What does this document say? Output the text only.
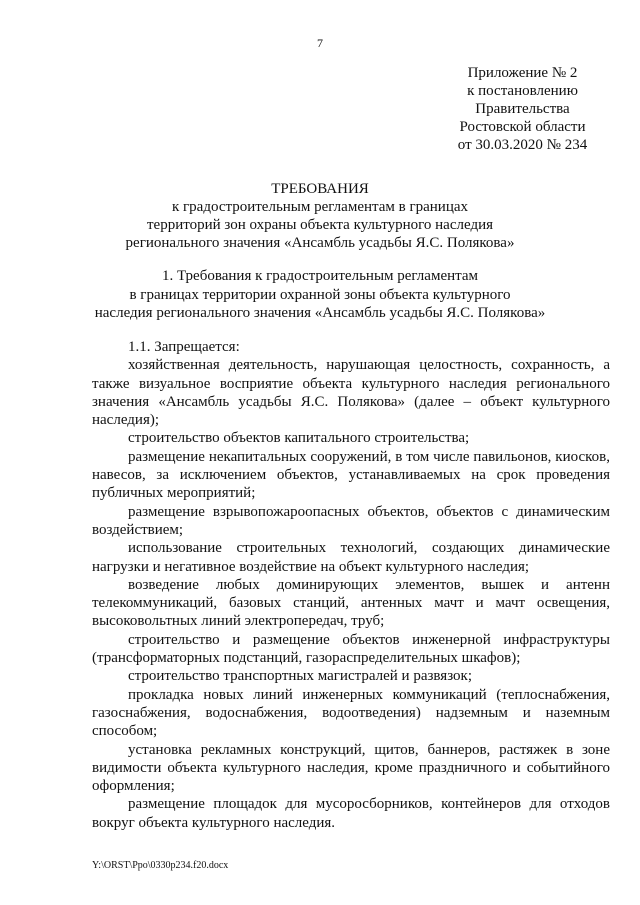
7
Приложение № 2
к постановлению
Правительства
Ростовской области
от 30.03.2020 № 234
ТРЕБОВАНИЯ
к градостроительным регламентам в границах
территорий зон охраны объекта культурного наследия
регионального значения «Ансамбль усадьбы Я.С. Полякова»
1. Требования к градостроительным регламентам
в границах территории охранной зоны объекта культурного
наследия регионального значения «Ансамбль усадьбы Я.С. Полякова»

1.1. Запрещается:

хозяйственная деятельность, нарушающая целостность, сохранность, а также визуальное восприятие объекта культурного наследия регионального значения «Ансамбль усадьбы Я.С. Полякова» (далее – объект культурного наследия);

строительство объектов капитального строительства;

размещение некапитальных сооружений, в том числе павильонов, киосков, навесов, за исключением объектов, устанавливаемых на срок проведения публичных мероприятий;

размещение взрывопожароопасных объектов, объектов с динамическим воздействием;

использование строительных технологий, создающих динамические нагрузки и негативное воздействие на объект культурного наследия;

возведение любых доминирующих элементов, вышек и антенн телекоммуникаций, базовых станций, антенных мачт и мачт освещения, высоковольтных линий электропередач, труб;

строительство и размещение объектов инженерной инфраструктуры (трансформаторных подстанций, газораспределительных шкафов);

строительство транспортных магистралей и развязок;

прокладка новых линий инженерных коммуникаций (теплоснабжения, газоснабжения, водоснабжения, водоотведения) надземным и наземным способом;

установка рекламных конструкций, щитов, баннеров, растяжек в зоне видимости объекта культурного наследия, кроме праздничного и событийного оформления;

размещение площадок для мусоросборников, контейнеров для отходов вокруг объекта культурного наследия.

Y:\ORST\Ppo\0330p234.f20.docx
